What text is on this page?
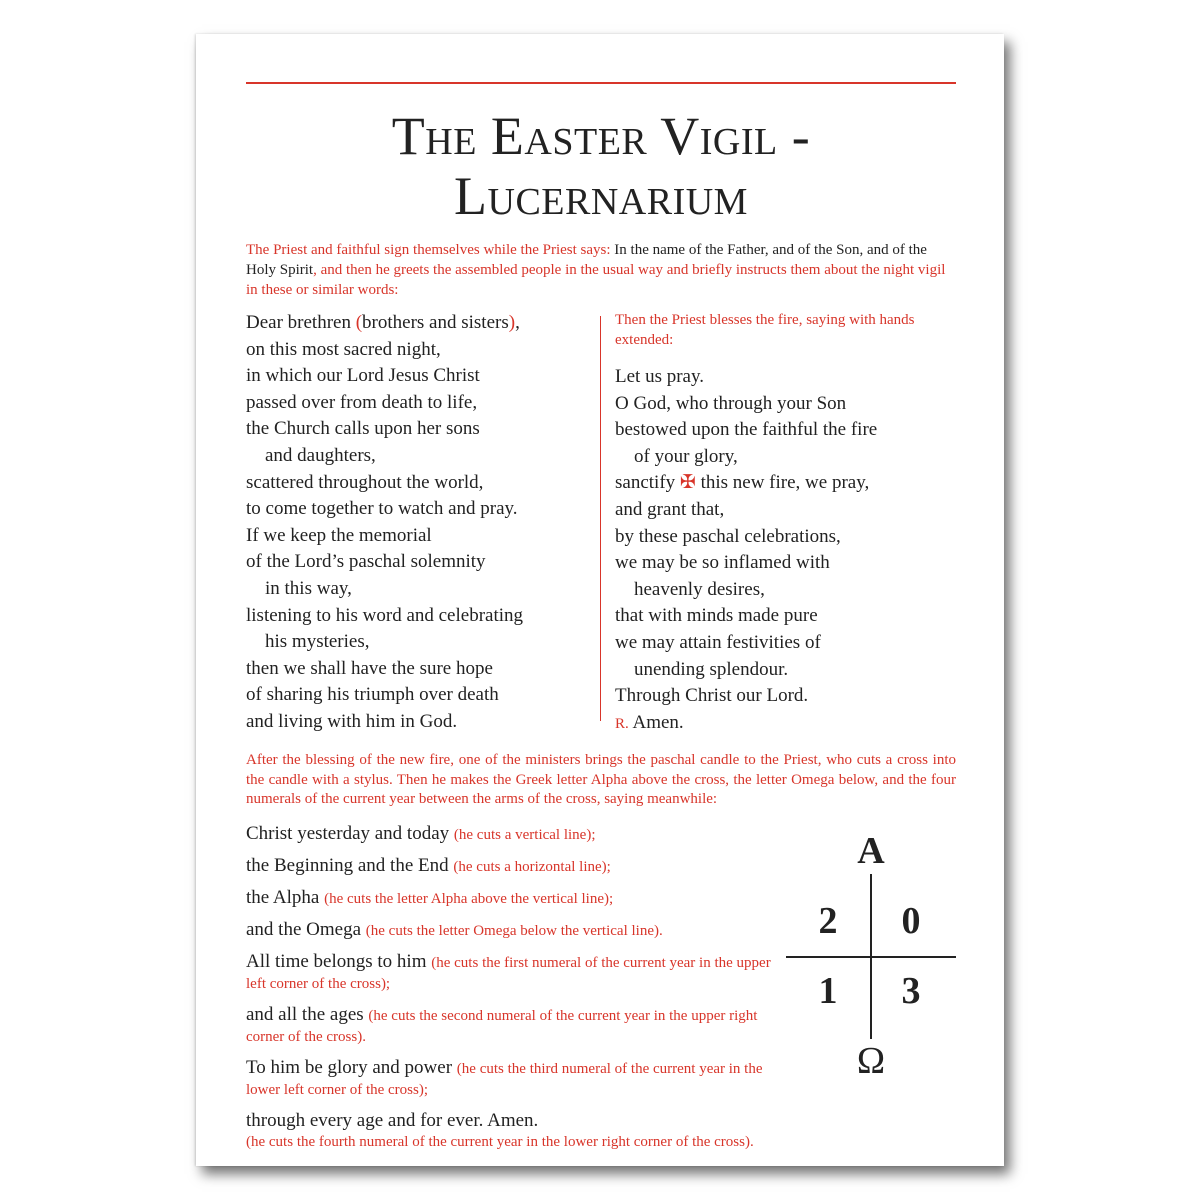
The Easter Vigil - Lucernarium
The Priest and faithful sign themselves while the Priest says: In the name of the Father, and of the Son, and of the Holy Spirit, and then he greets the assembled people in the usual way and briefly instructs them about the night vigil in these or similar words:
Dear brethren (brothers and sisters),
on this most sacred night,
in which our Lord Jesus Christ
passed over from death to life,
the Church calls upon her sons
and daughters,
scattered throughout the world,
to come together to watch and pray.
If we keep the memorial
of the Lord’s paschal solemnity
in this way,
listening to his word and celebrating
his mysteries,
then we shall have the sure hope
of sharing his triumph over death
and living with him in God.
Then the Priest blesses the fire, saying with hands extended:
Let us pray.
O God, who through your Son
bestowed upon the faithful the fire
of your glory,
sanctify ✠ this new fire, we pray,
and grant that,
by these paschal celebrations,
we may be so inflamed with
heavenly desires,
that with minds made pure
we may attain festivities of
unending splendour.
Through Christ our Lord.
R. Amen.
After the blessing of the new fire, one of the ministers brings the paschal candle to the Priest, who cuts a cross into the candle with a stylus. Then he makes the Greek letter Alpha above the cross, the letter Omega below, and the four numerals of the current year between the arms of the cross, saying meanwhile:
Christ yesterday and today (he cuts a vertical line);
the Beginning and the End (he cuts a horizontal line);
the Alpha (he cuts the letter Alpha above the vertical line);
and the Omega (he cuts the letter Omega below the vertical line).
All time belongs to him (he cuts the first numeral of the current year in the upper left corner of the cross);
and all the ages (he cuts the second numeral of the current year in the upper right corner of the cross).
To him be glory and power (he cuts the third numeral of the current year in the lower left corner of the cross);
through every age and for ever. Amen.
(he cuts the fourth numeral of the current year in the lower right corner of the cross).
A
2 0
1 3
Ω
